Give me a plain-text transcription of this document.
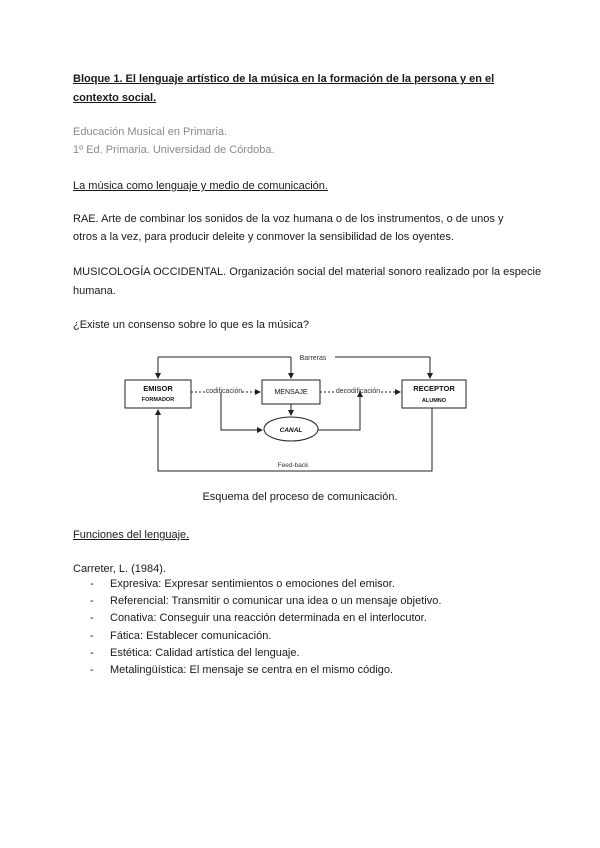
Bloque 1. El lenguaje artístico de la música en la formación de la persona y en el
contexto social.
Educación Musical en Primaria.
1º Ed. Primaria. Universidad de Córdoba.
La música como lenguaje y medio de comunicación.
RAE. Arte de combinar los sonidos de la voz humana o de los instrumentos, o de unos y
otros a la vez, para producir deleite y conmover la sensibilidad de los oyentes.
MUSICOLOGÍA OCCIDENTAL. Organización social del material sonoro realizado por la especie
humana.
¿Existe un consenso sobre lo que es la música?
Barreras
EMISOR
FORMADOR
codificación	MENSAJE	decodificación	RECEPTOR
ALUMNO
CANAL
Feed-back
Esquema del proceso de comunicación.
Funciones del lenguaje.
Carreter, L. (1984).
- Expresiva: Expresar sentimientos o emociones del emisor.
- Referencial: Transmitir o comunicar una idea o un mensaje objetivo.
- Conativa: Conseguir una reacción determinada en el interlocutor.
- Fática: Establecer comunicación.
- Estética: Calidad artística del lenguaje.
- Metalingüística: El mensaje se centra en el mismo código.
